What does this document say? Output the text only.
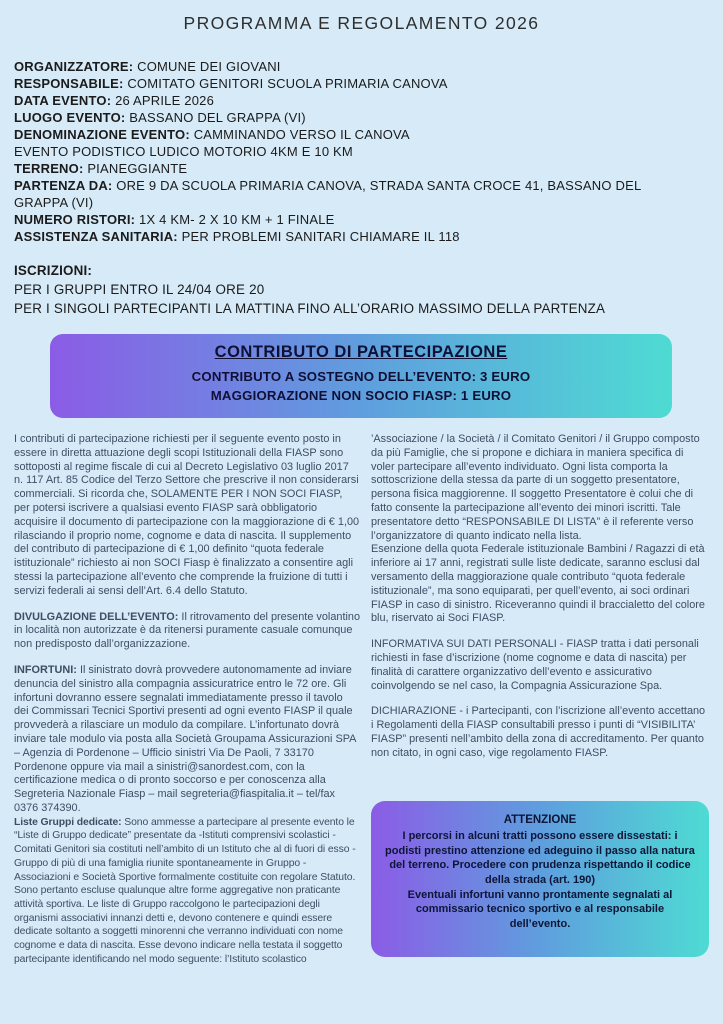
PROGRAMMA E REGOLAMENTO 2026
ORGANIZZATORE: COMUNE DEI GIOVANI
RESPONSABILE: COMITATO GENITORI SCUOLA PRIMARIA CANOVA
DATA EVENTO: 26 APRILE 2026
LUOGO EVENTO: BASSANO DEL GRAPPA (VI)
DENOMINAZIONE EVENTO: CAMMINANDO VERSO IL CANOVA
EVENTO PODISTICO LUDICO MOTORIO 4KM E 10 KM
TERRENO: PIANEGGIANTE
PARTENZA DA: ORE 9 DA SCUOLA PRIMARIA CANOVA, STRADA SANTA CROCE 41, BASSANO DEL
GRAPPA (VI)
NUMERO RISTORI: 1X 4 KM- 2 X 10 KM + 1 FINALE
ASSISTENZA SANITARIA: PER PROBLEMI SANITARI CHIAMARE IL 118
ISCRIZIONI:
PER I GRUPPI ENTRO IL 24/04 ORE 20
PER I SINGOLI PARTECIPANTI LA MATTINA FINO ALL’ORARIO MASSIMO DELLA PARTENZA
CONTRIBUTO DI PARTECIPAZIONE
CONTRIBUTO A SOSTEGNO DELL’EVENTO: 3 EURO
MAGGIORAZIONE NON SOCIO FIASP: 1 EURO

I contributi di partecipazione richiesti per il seguente evento posto in essere in diretta attuazione degli scopi Istituzionali della FIASP sono sottoposti al regime fiscale di cui al Decreto Legislativo 03 luglio 2017 n. 117 Art. 85 Codice del Terzo Settore che prescrive il non considerarsi commerciali. Si ricorda che, SOLAMENTE PER I NON SOCI FIASP, per potersi iscrivere a qualsiasi evento FIASP sarà obbligatorio acquisire il documento di partecipazione con la maggiorazione di € 1,00 rilasciando il proprio nome, cognome e data di nascita. Il supplemento del contributo di partecipazione di € 1,00 definito “quota federale istituzionale” richiesto ai non SOCI Fiasp è finalizzato a consentire agli stessi la partecipazione all’evento che comprende la fruizione di tutti i servizi federali ai sensi dell’Art. 6.4 dello Statuto.

DIVULGAZIONE DELL’EVENTO: Il ritrovamento del presente volantino in località non autorizzate è da ritenersi puramente casuale comunque non predisposto dall’organizzazione.

INFORTUNI: Il sinistrato dovrà provvedere autonomamente ad inviare denuncia del sinistro alla compagnia assicuratrice entro le 72 ore. Gli infortuni dovranno essere segnalati immediatamente presso il tavolo dei Commissari Tecnici Sportivi presenti ad ogni evento FIASP il quale provvederà a rilasciare un modulo da compilare. L’infortunato dovrà inviare tale modulo via posta alla Società Groupama Assicurazioni SPA – Agenzia di Pordenone – Ufficio sinistri Via De Paoli, 7 33170 Pordenone oppure via mail a sinistri@sanordest.com, con la certificazione medica o di pronto soccorso e per conoscenza alla Segreteria Nazionale Fiasp – mail segreteria@fiaspitalia.it – tel/fax 0376 374390.

Liste Gruppi dedicate: Sono ammesse a partecipare al presente evento le “Liste di Gruppo dedicate” presentate da -Istituti comprensivi scolastici - Comitati Genitori sia costituti nell’ambito di un Istituto che al di fuori di esso -Gruppo di più di una famiglia riunite spontaneamente in Gruppo - Associazioni e Società Sportive formalmente costituite con regolare Statuto. Sono pertanto escluse qualunque altre forme aggregative non praticante attività sportiva. Le liste di Gruppo raccolgono le partecipazioni degli organismi associativi innanzi detti e, devono contenere e quindi essere dedicate soltanto a soggetti minorenni che verranno individuati con nome cognome e data di nascita. Esse devono indicare nella testata il soggetto partecipante identificando nel modo seguente: l’Istituto scolastico

’Associazione / la Società / il Comitato Genitori / il Gruppo composto da più Famiglie, che si propone e dichiara in maniera specifica di voler partecipare all’evento individuato. Ogni lista comporta la sottoscrizione della stessa da parte di un soggetto presentatore, persona fisica maggiorenne. Il soggetto Presentatore è colui che di fatto consente la partecipazione all’evento dei minori iscritti. Tale presentatore detto “RESPONSABILE DI LISTA” è il referente verso l’organizzatore di quanto indicato nella lista.

Esenzione della quota Federale istituzionale Bambini / Ragazzi di età inferiore ai 17 anni, registrati sulle liste dedicate, saranno esclusi dal versamento della maggiorazione quale contributo “quota federale istituzionale”, ma sono equiparati, per quell’evento, ai soci ordinari FIASP in caso di sinistro. Riceveranno quindi il braccialetto del colore blu, riservato ai Soci FIASP.

INFORMATIVA SUI DATI PERSONALI - FIASP tratta i dati personali richiesti in fase d’iscrizione (nome cognome e data di nascita) per finalità di carattere organizzativo dell’evento e assicurativo coinvolgendo se nel caso, la Compagnia Assicurazione Spa.

DICHIARAZIONE - i Partecipanti, con l’iscrizione all’evento accettano i Regolamenti della FIASP consultabili presso i punti di “VISIBILITA’ FIASP” presenti nell’ambito della zona di accreditamento. Per quanto non citato, in ogni caso, vige regolamento FIASP.

ATTENZIONE
I percorsi in alcuni tratti possono essere dissestati: i podisti prestino attenzione ed adeguino il passo alla natura del terreno. Procedere con prudenza rispettando il codice della strada (art. 190)
Eventuali infortuni vanno prontamente segnalati al commissario tecnico sportivo e al responsabile dell’evento.
